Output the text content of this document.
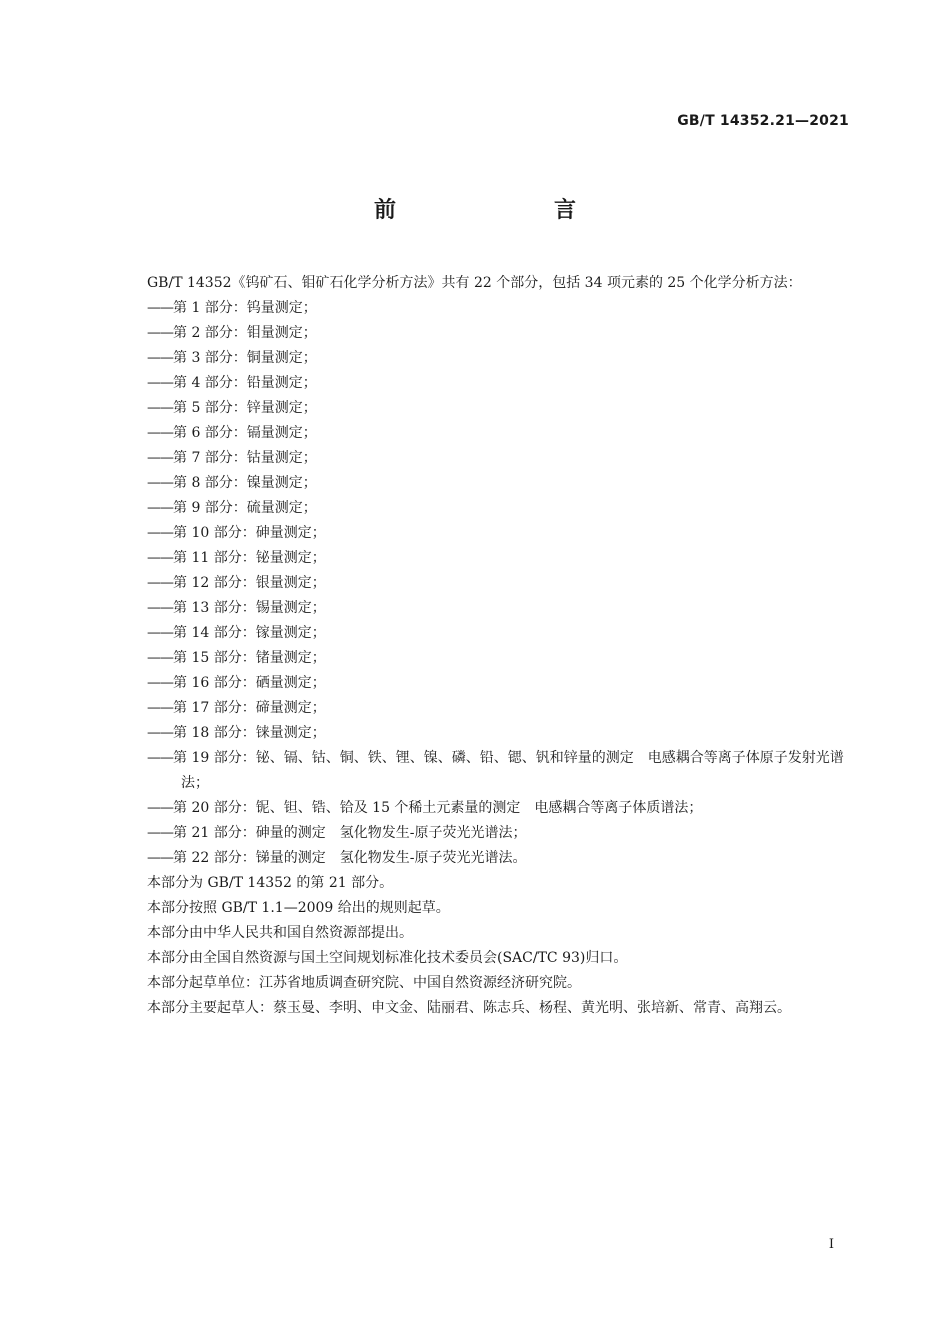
GB/T 14352.21—2021
前　　言

GB/T 14352《钨矿石、钼矿石化学分析方法》共有 22 个部分，包括 34 项元素的 25 个化学分析方法：

——第 1 部分：钨量测定；
——第 2 部分：钼量测定；
——第 3 部分：铜量测定；
——第 4 部分：铅量测定；
——第 5 部分：锌量测定；
——第 6 部分：镉量测定；
——第 7 部分：钴量测定；
——第 8 部分：镍量测定；
——第 9 部分：硫量测定；
——第 10 部分：砷量测定；
——第 11 部分：铋量测定；
——第 12 部分：银量测定；
——第 13 部分：锡量测定；
——第 14 部分：镓量测定；
——第 15 部分：锗量测定；
——第 16 部分：硒量测定；
——第 17 部分：碲量测定；
——第 18 部分：铼量测定；
——第 19 部分：铋、镉、钴、铜、铁、锂、镍、磷、铅、锶、钒和锌量的测定　电感耦合等离子体原子发射光谱法；
——第 20 部分：铌、钽、锆、铪及 15 个稀土元素量的测定　电感耦合等离子体质谱法；
——第 21 部分：砷量的测定　氢化物发生-原子荧光光谱法；
——第 22 部分：锑量的测定　氢化物发生-原子荧光光谱法。

本部分为 GB/T 14352 的第 21 部分。

本部分按照 GB/T 1.1—2009 给出的规则起草。

本部分由中华人民共和国自然资源部提出。

本部分由全国自然资源与国土空间规划标准化技术委员会(SAC/TC 93)归口。

本部分起草单位：江苏省地质调查研究院、中国自然资源经济研究院。

本部分主要起草人：蔡玉曼、李明、申文金、陆丽君、陈志兵、杨程、黄光明、张培新、常青、高翔云。

I
